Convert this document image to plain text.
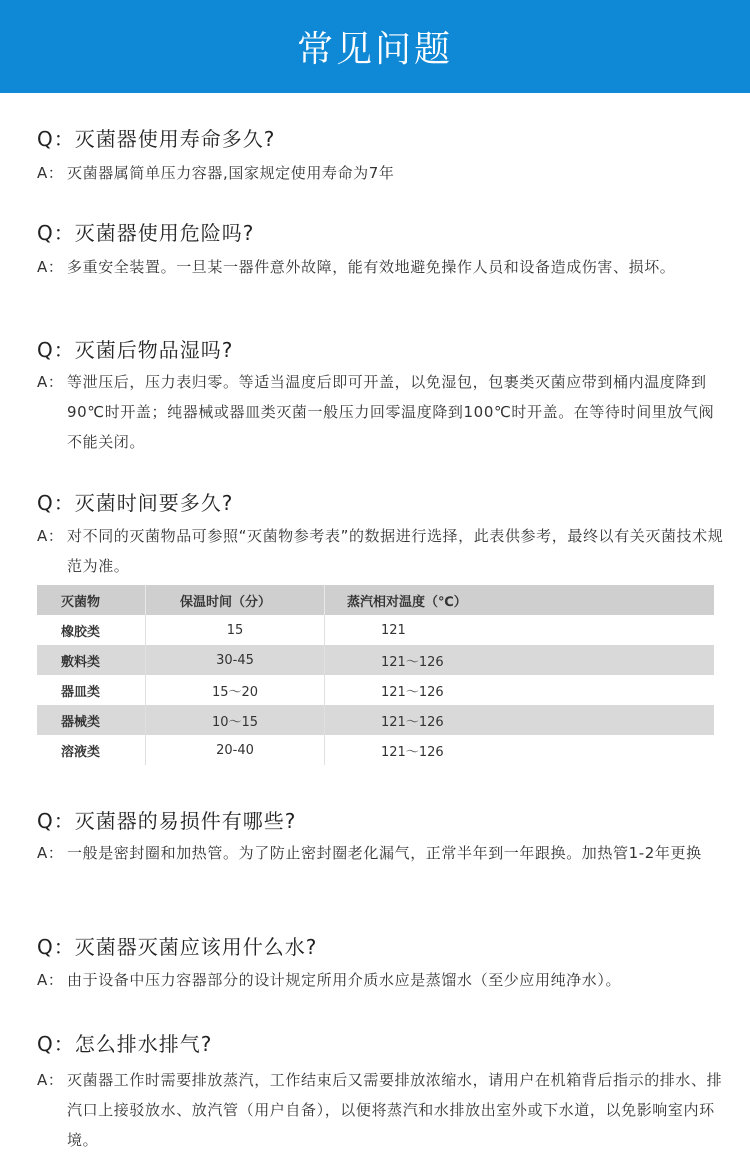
常见问题
Q：灭菌器使用寿命多久?
A： 灭菌器属简单压力容器,国家规定使用寿命为7年
Q：灭菌器使用危险吗?
A： 多重安全装置。一旦某一器件意外故障，能有效地避免操作人员和设备造成伤害、损坏。
Q：灭菌后物品湿吗?
A： 等泄压后，压力表归零。等适当温度后即可开盖，以免湿包，包裹类灭菌应带到桶内温度降到90℃时开盖；纯器械或器皿类灭菌一般压力回零温度降到100℃时开盖。在等待时间里放气阀不能关闭。
Q：灭菌时间要多久?
A： 对不同的灭菌物品可参照“灭菌物参考表”的数据进行选择，此表供参考，最终以有关灭菌技术规范为准。
灭菌物	保温时间（分）	蒸汽相对温度（℃）
橡胶类	15	121
敷料类	30-45	121～126
器皿类	15～20	121～126
器械类	10～15	121～126
溶液类	20-40	121～126
Q：灭菌器的易损件有哪些?
A： 一般是密封圈和加热管。为了防止密封圈老化漏气，正常半年到一年跟换。加热管1-2年更换
Q：灭菌器灭菌应该用什么水?
A： 由于设备中压力容器部分的设计规定所用介质水应是蒸馏水（至少应用纯净水）。
Q：怎么排水排气?
A： 灭菌器工作时需要排放蒸汽，工作结束后又需要排放浓缩水，请用户在机箱背后指示的排水、排汽口上接驳放水、放汽管（用户自备），以便将蒸汽和水排放出室外或下水道，以免影响室内环境。
